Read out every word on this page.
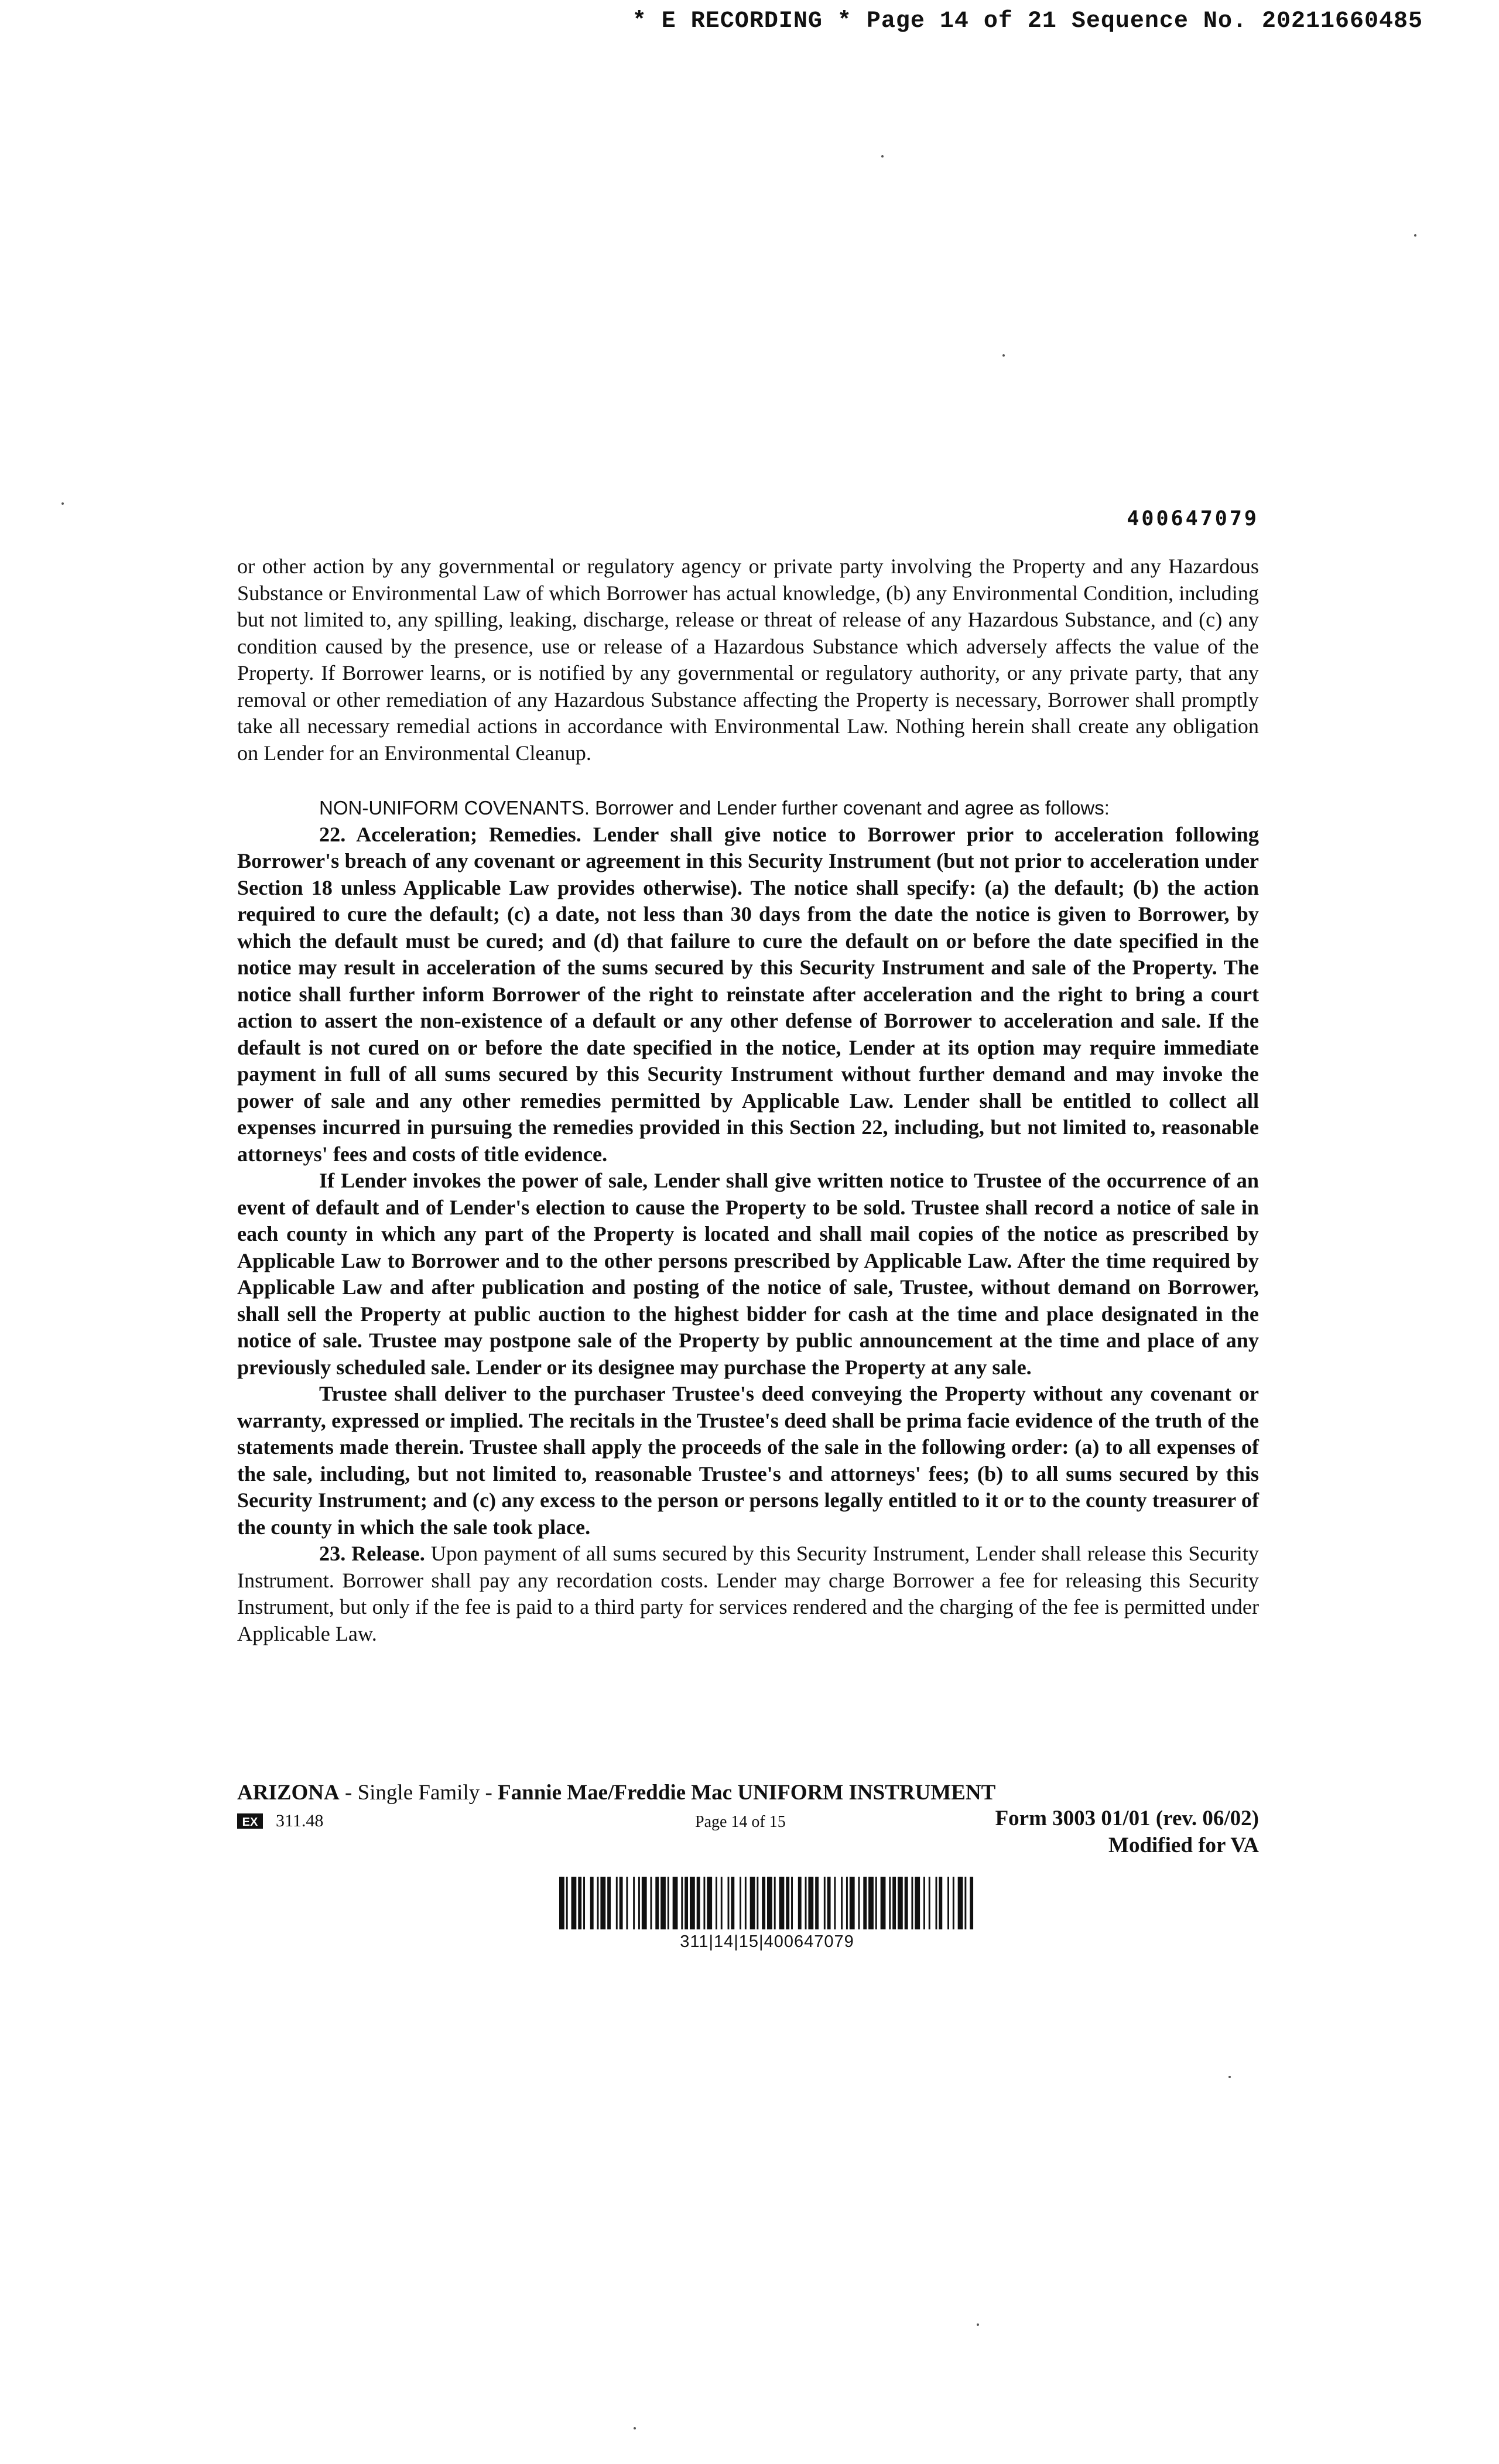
* E RECORDING * Page 14 of 21 Sequence No. 20211660485
400647079

or other action by any governmental or regulatory agency or private party involving the Property and any Hazardous Substance or Environmental Law of which Borrower has actual knowledge, (b) any Environmental Condition, including but not limited to, any spilling, leaking, discharge, release or threat of release of any Hazardous Substance, and (c) any condition caused by the presence, use or release of a Hazardous Substance which adversely affects the value of the Property. If Borrower learns, or is notified by any governmental or regulatory authority, or any private party, that any removal or other remediation of any Hazardous Substance affecting the Property is necessary, Borrower shall promptly take all necessary remedial actions in accordance with Environmental Law. Nothing herein shall create any obligation on Lender for an Environmental Cleanup.

NON-UNIFORM COVENANTS. Borrower and Lender further covenant and agree as follows:

22. Acceleration; Remedies. Lender shall give notice to Borrower prior to acceleration following Borrower's breach of any covenant or agreement in this Security Instrument (but not prior to acceleration under Section 18 unless Applicable Law provides otherwise). The notice shall specify: (a) the default; (b) the action required to cure the default; (c) a date, not less than 30 days from the date the notice is given to Borrower, by which the default must be cured; and (d) that failure to cure the default on or before the date specified in the notice may result in acceleration of the sums secured by this Security Instrument and sale of the Property. The notice shall further inform Borrower of the right to reinstate after acceleration and the right to bring a court action to assert the non-existence of a default or any other defense of Borrower to acceleration and sale. If the default is not cured on or before the date specified in the notice, Lender at its option may require immediate payment in full of all sums secured by this Security Instrument without further demand and may invoke the power of sale and any other remedies permitted by Applicable Law. Lender shall be entitled to collect all expenses incurred in pursuing the remedies provided in this Section 22, including, but not limited to, reasonable attorneys' fees and costs of title evidence.

If Lender invokes the power of sale, Lender shall give written notice to Trustee of the occurrence of an event of default and of Lender's election to cause the Property to be sold. Trustee shall record a notice of sale in each county in which any part of the Property is located and shall mail copies of the notice as prescribed by Applicable Law to Borrower and to the other persons prescribed by Applicable Law. After the time required by Applicable Law and after publication and posting of the notice of sale, Trustee, without demand on Borrower, shall sell the Property at public auction to the highest bidder for cash at the time and place designated in the notice of sale. Trustee may postpone sale of the Property by public announcement at the time and place of any previously scheduled sale. Lender or its designee may purchase the Property at any sale.

Trustee shall deliver to the purchaser Trustee's deed conveying the Property without any covenant or warranty, expressed or implied. The recitals in the Trustee's deed shall be prima facie evidence of the truth of the statements made therein. Trustee shall apply the proceeds of the sale in the following order: (a) to all expenses of the sale, including, but not limited to, reasonable Trustee's and attorneys' fees; (b) to all sums secured by this Security Instrument; and (c) any excess to the person or persons legally entitled to it or to the county treasurer of the county in which the sale took place.

23. Release. Upon payment of all sums secured by this Security Instrument, Lender shall release this Security Instrument. Borrower shall pay any recordation costs. Lender may charge Borrower a fee for releasing this Security Instrument, but only if the fee is paid to a third party for services rendered and the charging of the fee is permitted under Applicable Law.

ARIZONA - Single Family - Fannie Mae/Freddie Mac UNIFORM INSTRUMENT
EX 311.48	Page 14 of 15	Form 3003 01/01 (rev. 06/02)
Modified for VA
311|14|15|400647079
